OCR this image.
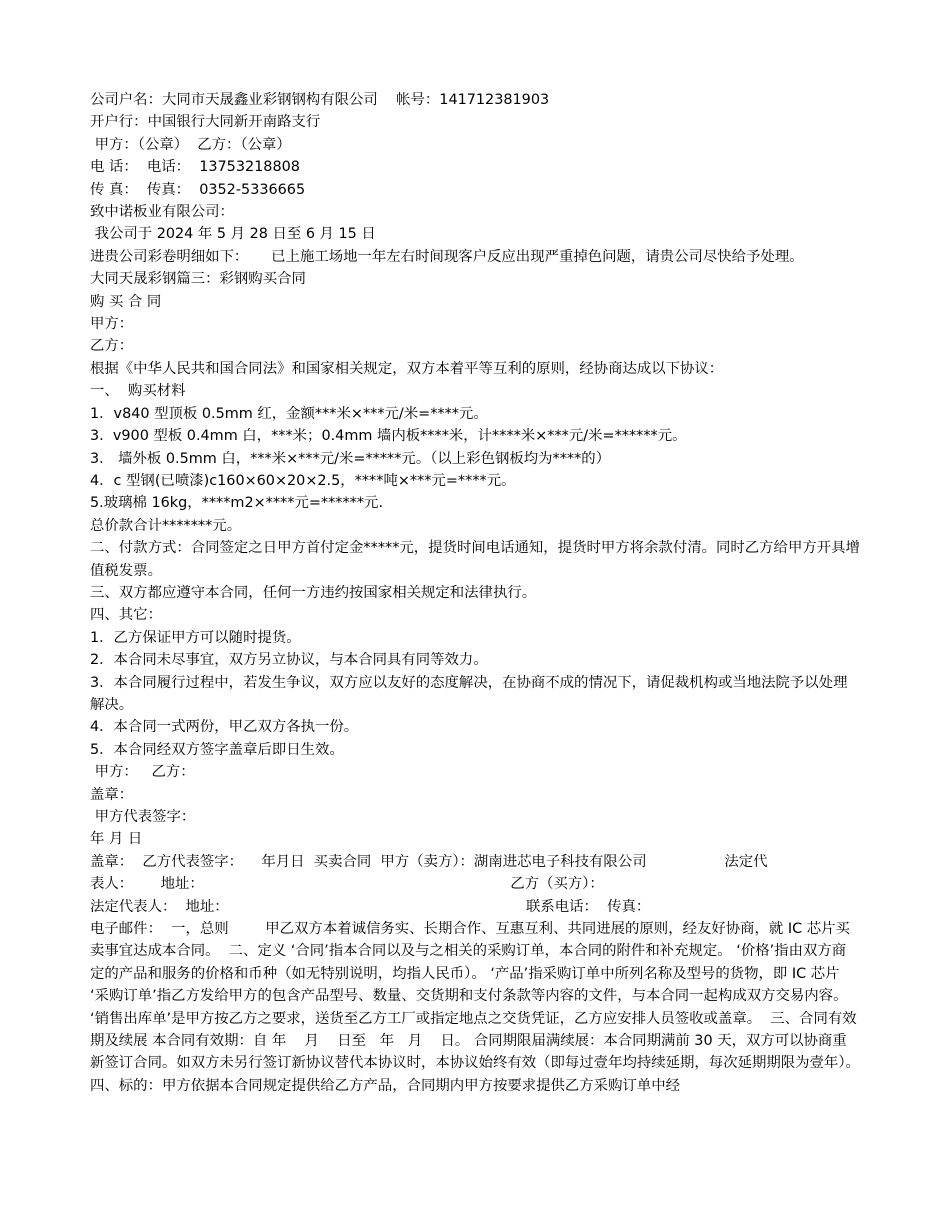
公司户名：大同市天晟鑫业彩钢钢构有限公司    帐号：141712381903

开户行：中国银行大同新开南路支行

甲方：（公章）  乙方：（公章）

电 话：  电话：  13753218808

传 真：  传真：  0352-5336665

致中诺板业有限公司：

我公司于 2024 年 5 月 28 日至 6 月 15 日

进贵公司彩卷明细如下：     已上施工场地一年左右时间现客户反应出现严重掉色问题，请贵公司尽快给予处理。

大同天晟彩钢篇三：彩钢购买合同

购 买 合 同

甲方：

乙方：

根据《中华人民共和国合同法》和国家相关规定，双方本着平等互利的原则，经协商达成以下协议：

一、  购买材料

1．v840 型顶板 0.5mm 红，金额***米×***元/米=****元。

3.  v900 型板 0.4mm 白，***米；0.4mm 墙内板****米，计****米×***元/米=******元。

3． 墙外板 0.5mm 白，***米×***元/米=*****元。（以上彩色钢板均为****的）

4．c 型钢(已喷漆)c160×60×20×2.5，****吨×***元=****元。

5.玻璃棉 16kg，****m2×****元=******元.

总价款合计*******元。

二、付款方式：合同签定之日甲方首付定金*****元，提货时间电话通知，提货时甲方将余款付清。同时乙方给甲方开具增值税发票。

三、双方都应遵守本合同，任何一方违约按国家相关规定和法律执行。

四、其它：

1．乙方保证甲方可以随时提货。

2．本合同未尽事宜，双方另立协议，与本合同具有同等效力。

3．本合同履行过程中，若发生争议，双方应以友好的态度解决，在协商不成的情况下，请促裁机构或当地法院予以处理解决。

4．本合同一式两份，甲乙双方各执一份。

5．本合同经双方签字盖章后即日生效。

甲方：   乙方：

盖章：

甲方代表签字：

年 月 日

盖章：  乙方代表签字：    年月日  买卖合同  甲方（卖方）：湖南进芯电子科技有限公司                 法定代

表人：      地址：                                                                   乙方（买方）：

法定代表人：  地址：                                                                 联系电话：  传真：

电子邮件：  一，总则        甲乙双方本着诚信务实、长期合作、互惠互利、共同进展的原则，经友好协商，就 IC 芯片买卖事宜达成本合同。  二、定义 ‘合同’指本合同以及与之相关的采购订单，本合同的附件和补充规定。 ‘价格’指由双方商定的产品和服务的价格和币种（如无特别说明，均指人民币）。 ‘产品’指采购订单中所列名称及型号的货物，即 IC 芯片 ‘采购订单’指乙方发给甲方的包含产品型号、数量、交货期和支付条款等内容的文件，与本合同一起构成双方交易内容。 ‘销售出库单’是甲方按乙方之要求，送货至乙方工厂或指定地点之交货凭证，乙方应安排人员签收或盖章。  三、合同有效期及续展 本合同有效期：自 年    月    日至   年   月    日。 合同期限届满续展：本合同期满前 30 天，双方可以协商重新签订合同。如双方未另行签订新协议替代本协议时，本协议始终有效（即每过壹年均持续延期，每次延期期限为壹年）。  四、标的：甲方依据本合同规定提供给乙方产品，合同期内甲方按要求提供乙方采购订单中经
